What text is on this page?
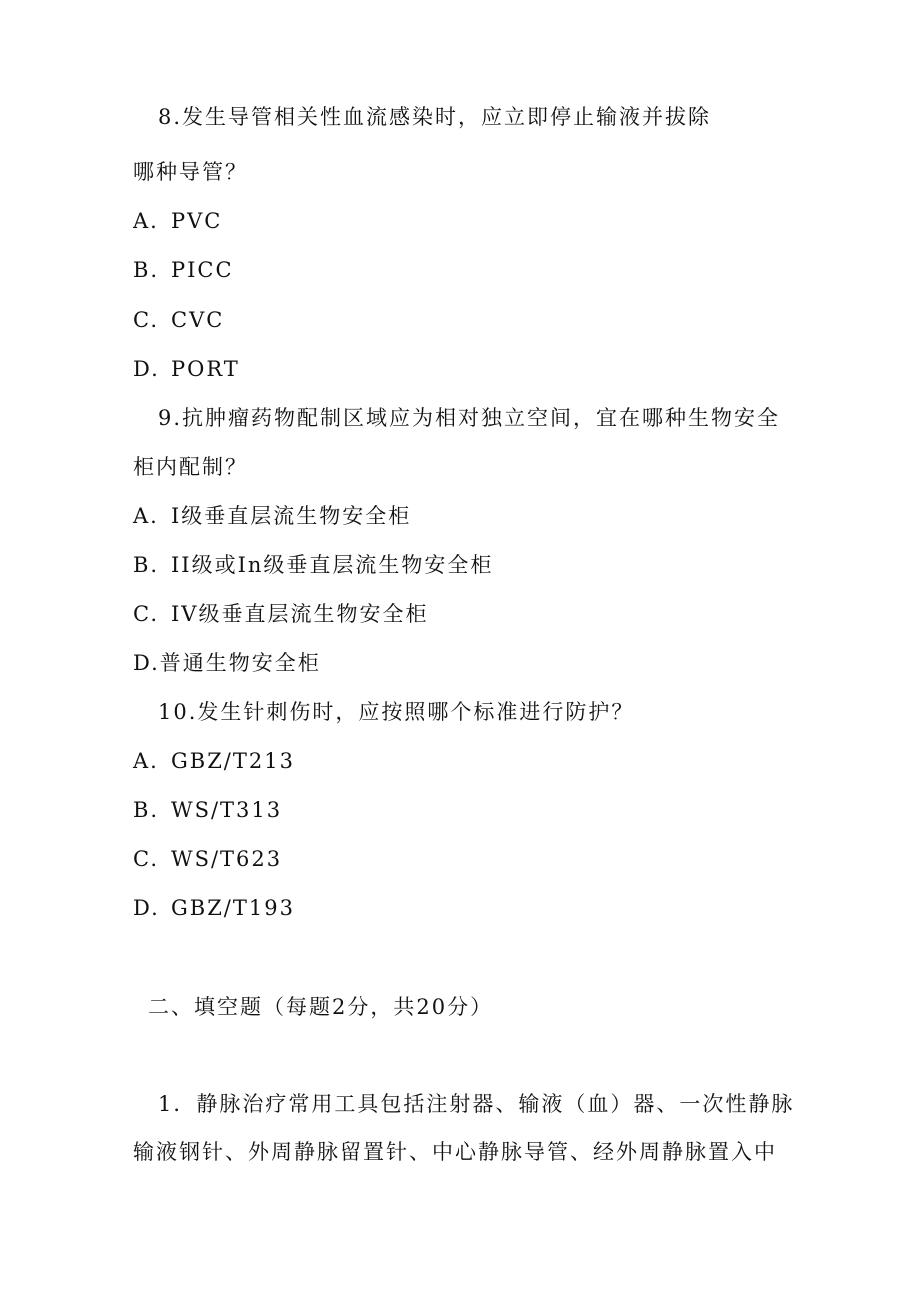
8.发生导管相关性血流感染时，应立即停止输液并拔除
哪种导管？
A. PVC
B. PICC
C. CVC
D. PORT
9.抗肿瘤药物配制区域应为相对独立空间，宜在哪种生物安全
柜内配制？
A. I级垂直层流生物安全柜
B. II级或In级垂直层流生物安全柜
C. IV级垂直层流生物安全柜
D.普通生物安全柜
10.发生针刺伤时，应按照哪个标准进行防护？
A. GBZ/T213
B. WS/T313
C. WS/T623
D. GBZ/T193
二、填空题（每题2分，共20分）
1．静脉治疗常用工具包括注射器、输液（血）器、一次性静脉
输液钢针、外周静脉留置针、中心静脉导管、经外周静脉置入中
